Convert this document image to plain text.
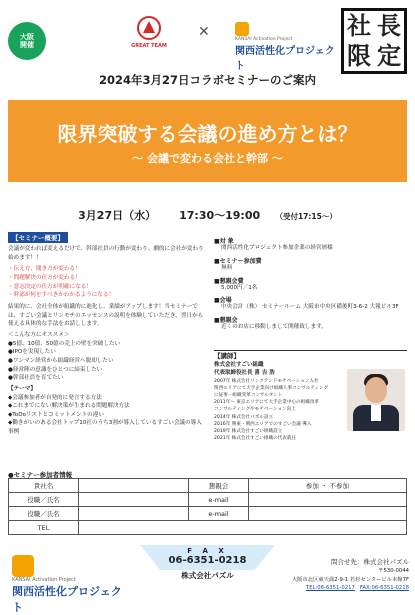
大阪
開催	GREAT TEAM
✕
	KANSAI Activation Project
関西活性化プロジェクト
社 長
限 定
2024年3月27日コラボセミナーのご案内
限界突破する会議の進め方とは？
～ 会議で変わる会社と幹部 ～
3月27日（水） 17:30～19:00 （受付17:15～）
【セミナー概要】
会議が変われば変えるだけで、幹部社員の行動が変わり、劇的に会社が変わり始めます！！
・伝え方、聞き方が変わる！
・問題解決の仕方が変わる！
・意志決定の仕方が明確になる！
・幹部が何をすべきかわかるようになる！
結果的に、会社全体が組織的に進化し、業績がアップします！当セミナーでは、すごい会議とリンモチのエッセンスの説明を体験していただき、翌日から使える具体的な手法をお話しします。
＜こんな方にオススメ＞
●5億、10億、50億の売上の壁を突破したい
●IPOを実現したい
●ワンマン経営から組織経営へ脱却したい
●経営陣の意識をひとつに結束したい
●幹部社員を育てたい
【テーマ】
◆会議参加者が自発的に発言する方法
◆これまでにない解決策が生まれる問題解決方法
◆ToDoリストとコミットメントの違い
◆働きがいのある会社トップ10社のうち3割が導入しているすごい会議の導入事例
■対 象
関西活性化プロジェクト参加企業の経営層様
■セミナー参加費
無料
■懇親会費
5,000円／1名
■会場
中央会計（株） セミナールーム 大阪市中央区備後町3-6-2 大報ビル3F
■懇親会
近くのお店に移動しまして開催致します。
【講師】
株式会社すごい組織
代表取締役社長 喜 吉 浩
2007年 株式会社リンクアンドモチベーション入社
関西エリアにて大手企業向け組織人事コンサルティング
に従事・組織変革コンサルタント
2011年～ 東京エリアにて大手企業中心の組織改革
コンサルティングやモチベーション向上
2014年 株式会社パズル設立
2016年 関東・関西エリアでのすごい会議 導入
2019年 株式会社すごい組織設立
2021年 株式会社すごい組織の代表就任
●セミナー参加者情報
貴社名		懇親会	参加 ・ 不参加
役職／氏名		e-mail	
役職／氏名		e-mail	
TEL			

KANSAI Activation Project
関西活性化プロジェクト
F A X
06-6351-0218
株式会社パズル
問合せ先：株式会社パズル
〒530-0044
大阪市北区東天満2-9-1 若杉センタービル本館7F
TEL:06-6351-0217 FAX:06-6351-0218
